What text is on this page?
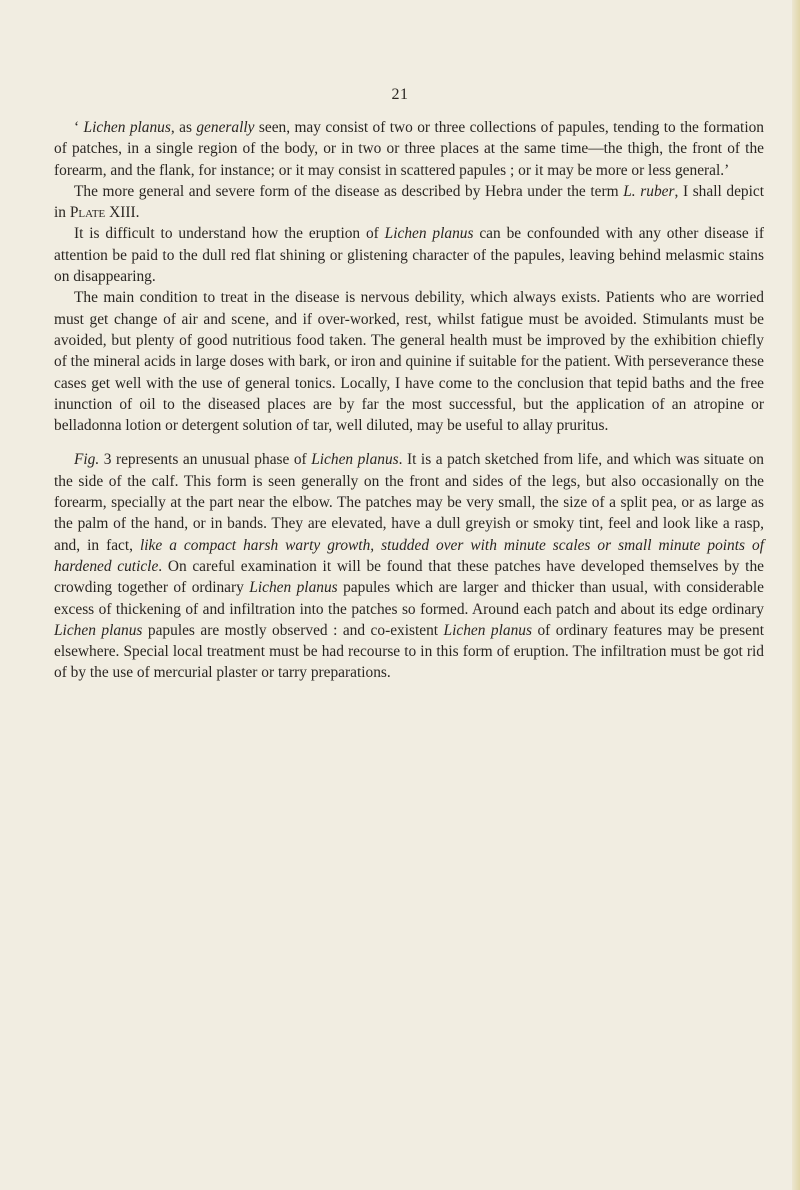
21

‘ Lichen planus, as generally seen, may consist of two or three collections of papules, tending to the formation of patches, in a single region of the body, or in two or three places at the same time—the thigh, the front of the forearm, and the flank, for instance; or it may consist in scattered papules ; or it may be more or less general.’

The more general and severe form of the disease as described by Hebra under the term L. ruber, I shall depict in Plate XIII.

It is difficult to understand how the eruption of Lichen planus can be confounded with any other disease if attention be paid to the dull red flat shining or glistening character of the papules, leaving behind melasmic stains on disappearing.

The main condition to treat in the disease is nervous debility, which always exists. Patients who are worried must get change of air and scene, and if over-worked, rest, whilst fatigue must be avoided. Stimulants must be avoided, but plenty of good nutritious food taken. The general health must be improved by the exhibition chiefly of the mineral acids in large doses with bark, or iron and quinine if suitable for the patient. With perseverance these cases get well with the use of general tonics. Locally, I have come to the conclusion that tepid baths and the free inunction of oil to the diseased places are by far the most successful, but the application of an atropine or belladonna lotion or detergent solution of tar, well diluted, may be useful to allay pruritus.

Fig. 3 represents an unusual phase of Lichen planus. It is a patch sketched from life, and which was situate on the side of the calf. This form is seen generally on the front and sides of the legs, but also occasionally on the forearm, specially at the part near the elbow. The patches may be very small, the size of a split pea, or as large as the palm of the hand, or in bands. They are elevated, have a dull greyish or smoky tint, feel and look like a rasp, and, in fact, like a compact harsh warty growth, studded over with minute scales or small minute points of hardened cuticle. On careful examination it will be found that these patches have developed themselves by the crowding together of ordinary Lichen planus papules which are larger and thicker than usual, with considerable excess of thickening of and infiltration into the patches so formed. Around each patch and about its edge ordinary Lichen planus papules are mostly observed : and co-existent Lichen planus of ordinary features may be present elsewhere. Special local treatment must be had recourse to in this form of eruption. The infiltration must be got rid of by the use of mercurial plaster or tarry preparations.
